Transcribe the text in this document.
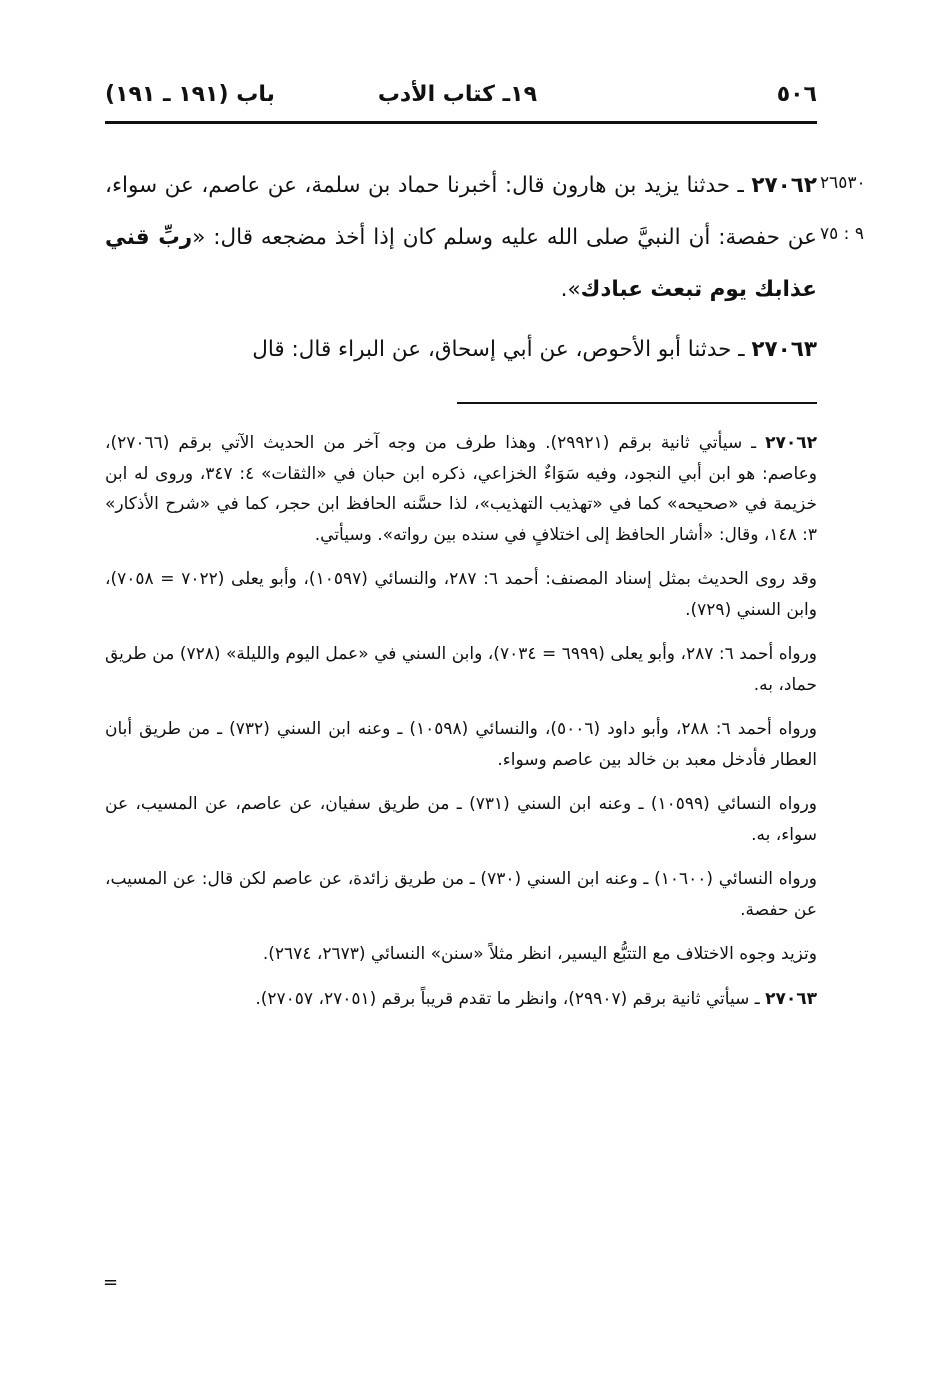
٥٠٦
١٩ـ كتاب الأدب
باب (١٩١ ـ ١٩١)
٢٦٥٣٠
٩ : ٧٥

٢٧٠٦٢ ـ حدثنا يزيد بن هارون قال: أخبرنا حماد بن سلمة، عن عاصم، عن سواء، عن حفصة: أن النبيَّ صلى الله عليه وسلم كان إذا أخذ مضجعه قال: «ربِّ قني عذابك يوم تبعث عبادك».

٢٧٠٦٣ ـ حدثنا أبو الأحوص، عن أبي إسحاق، عن البراء قال: قال

٢٧٠٦٢ ـ سيأتي ثانية برقم (٢٩٩٢١). وهذا طرف من وجه آخر من الحديث الآتي برقم (٢٧٠٦٦)، وعاصم: هو ابن أبي النجود، وفيه سَوَاءٌ الخزاعي، ذكره ابن حبان في «الثقات» ٤: ٣٤٧، وروى له ابن خزيمة في «صحيحه» كما في «تهذيب التهذيب»، لذا حسَّنه الحافظ ابن حجر، كما في «شرح الأذكار» ٣: ١٤٨، وقال: «أشار الحافظ إلى اختلافٍ في سنده بين رواته». وسيأتي.

وقد روى الحديث بمثل إسناد المصنف: أحمد ٦: ٢٨٧، والنسائي (١٠٥٩٧)، وأبو يعلى (٧٠٢٢ = ٧٠٥٨)، وابن السني (٧٢٩).

ورواه أحمد ٦: ٢٨٧، وأبو يعلى (٦٩٩٩ = ٧٠٣٤)، وابن السني في «عمل اليوم والليلة» (٧٢٨) من طريق حماد، به.

ورواه أحمد ٦: ٢٨٨، وأبو داود (٥٠٠٦)، والنسائي (١٠٥٩٨) ـ وعنه ابن السني (٧٣٢) ـ من طريق أبان العطار فأدخل معبد بن خالد بين عاصم وسواء.

ورواه النسائي (١٠٥٩٩) ـ وعنه ابن السني (٧٣١) ـ من طريق سفيان، عن عاصم، عن المسيب، عن سواء، به.

ورواه النسائي (١٠٦٠٠) ـ وعنه ابن السني (٧٣٠) ـ من طريق زائدة، عن عاصم لكن قال: عن المسيب، عن حفصة.

وتزيد وجوه الاختلاف مع التتبُّع اليسير، انظر مثلاً «سنن» النسائي (٢٦٧٣، ٢٦٧٤).

٢٧٠٦٣ ـ سيأتي ثانية برقم (٢٩٩٠٧)، وانظر ما تقدم قريباً برقم (٢٧٠٥١، ٢٧٠٥٧).

=
